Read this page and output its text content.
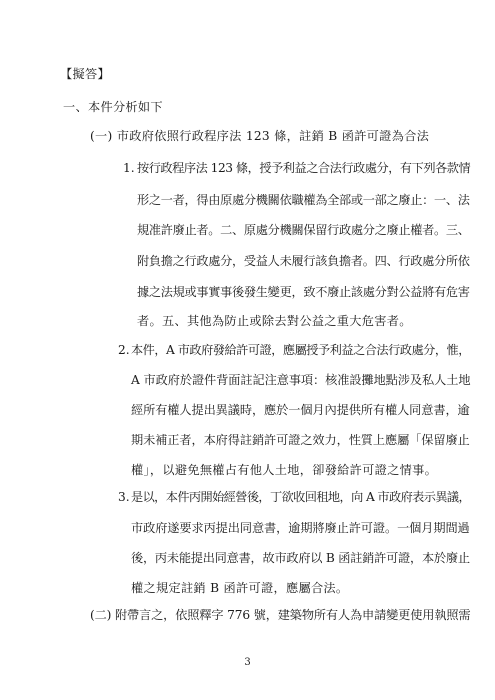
【擬答】

一、本件分析如下

(一) 市政府依照行政程序法 123 條，註銷 B 函許可證為合法

1. 按行政程序法 123 條，授予利益之合法行政處分，有下列各款情

形之一者，得由原處分機關依職權為全部或一部之廢止：一、法

規准許廢止者。二、原處分機關保留行政處分之廢止權者。三、

附負擔之行政處分，受益人未履行該負擔者。四、行政處分所依

據之法規或事實事後發生變更，致不廢止該處分對公益將有危害

者。五、其他為防止或除去對公益之重大危害者。

2. 本件，A 市政府發給許可證，應屬授予利益之合法行政處分，惟，

A 市政府於證件背面註記注意事項：核准設攤地點涉及私人土地

經所有權人提出異議時，應於一個月內提供所有權人同意書，逾

期未補正者，本府得註銷許可證之效力，性質上應屬「保留廢止

權」，以避免無權占有他人土地，卻發給許可證之情事。

3. 是以，本件丙開始經營後，丁欲收回租地，向 A 市政府表示異議，

市政府遂要求丙提出同意書，逾期將廢止許可證。一個月期間過

後，丙未能提出同意書，故市政府以 B 函註銷許可證，本於廢止

權之規定註銷 B 函許可證，應屬合法。

(二) 附帶言之，依照釋字 776 號，建築物所有人為申請變更使用執照需

3
